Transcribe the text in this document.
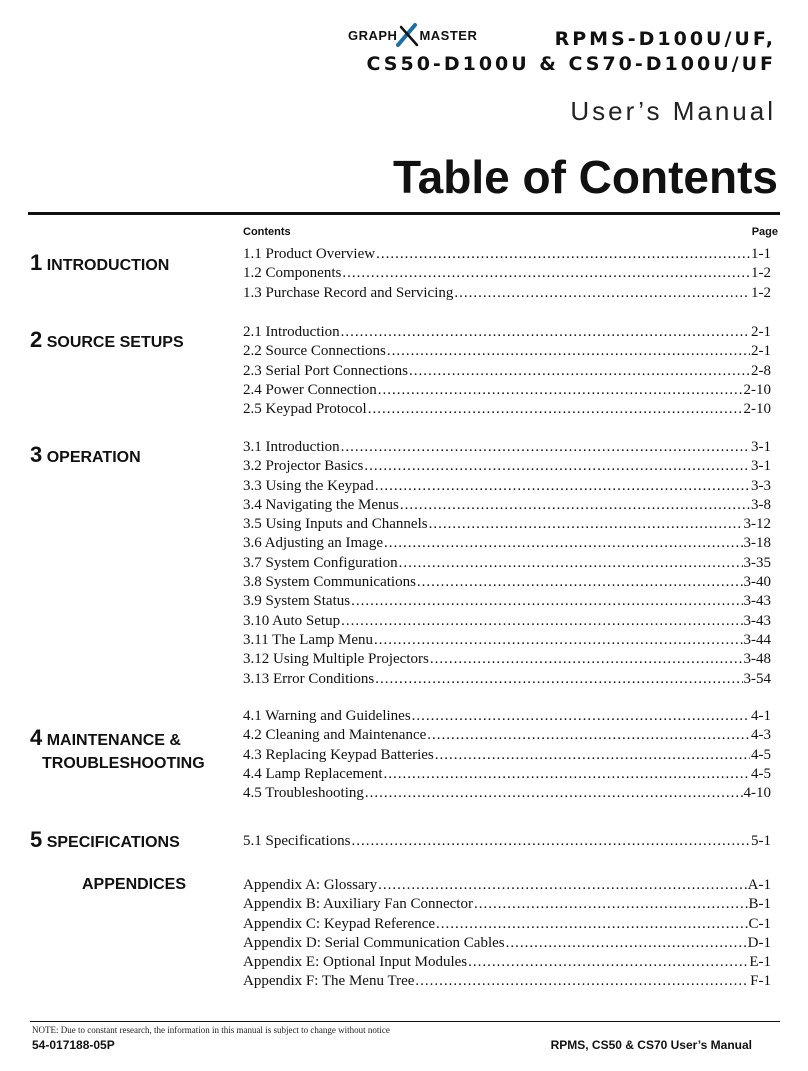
GRAPH MASTER	RPMS-D100U/UF,
CS50-D100U & CS70-D100U/UF
User’s Manual
Table of Contents
Contents	Page
1 INTRODUCTION
1.1 Product Overview .....	1-1
1.2 Components .....	1-2
1.3 Purchase Record and Servicing .....	1-2
2 SOURCE SETUPS
2.1 Introduction .....	2-1
2.2 Source Connections .....	2-1
2.3 Serial Port Connections .....	2-8
2.4 Power Connection .....	2-10
2.5 Keypad Protocol .....	2-10
3 OPERATION
3.1 Introduction .....	3-1
3.2 Projector Basics .....	3-1
3.3 Using the Keypad .....	3-3
3.4 Navigating the Menus .....	3-8
3.5 Using Inputs and Channels .....	3-12
3.6 Adjusting an Image .....	3-18
3.7 System Configuration .....	3-35
3.8 System Communications .....	3-40
3.9 System Status .....	3-43
3.10 Auto Setup .....	3-43
3.11 The Lamp Menu .....	3-44
3.12 Using Multiple Projectors .....	3-48
3.13 Error Conditions .....	3-54
4 MAINTENANCE &
TROUBLESHOOTING
4.1 Warning and Guidelines .....	4-1
4.2 Cleaning and Maintenance .....	4-3
4.3 Replacing Keypad Batteries .....	4-5
4.4 Lamp Replacement .....	4-5
4.5 Troubleshooting .....	4-10
5 SPECIFICATIONS	5.1 Specifications .....	5-1
APPENDICES	Appendix A: Glossary .....	A-1
Appendix B: Auxiliary Fan Connector .....	B-1
Appendix C: Keypad Reference .....	C-1
Appendix D: Serial Communication Cables .....	D-1
Appendix E: Optional Input Modules .....	E-1
Appendix F: The Menu Tree .....	F-1
NOTE: Due to constant research, the information in this manual is subject to change without notice
54-017188-05P	RPMS, CS50 & CS70 User’s Manual
